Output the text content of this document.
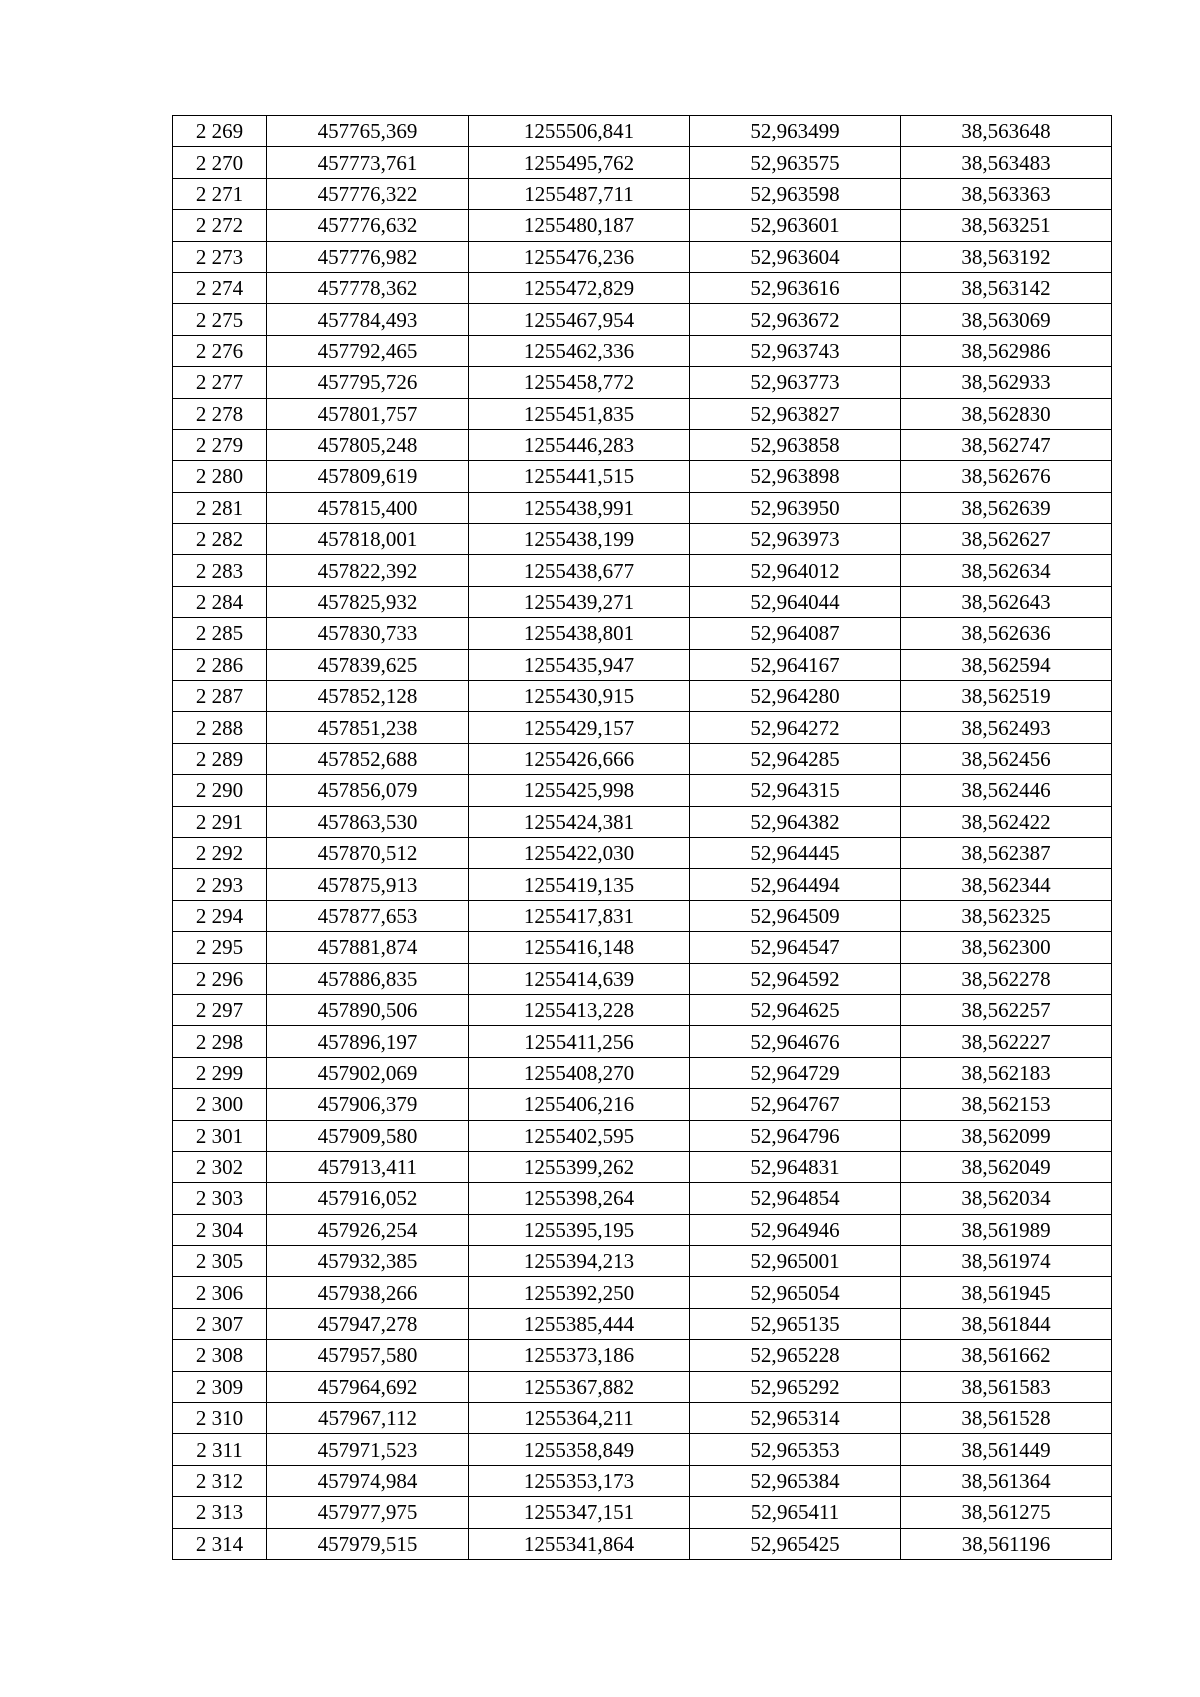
2 269	457765,369	1255506,841	52,963499	38,563648
2 270	457773,761	1255495,762	52,963575	38,563483
2 271	457776,322	1255487,711	52,963598	38,563363
2 272	457776,632	1255480,187	52,963601	38,563251
2 273	457776,982	1255476,236	52,963604	38,563192
2 274	457778,362	1255472,829	52,963616	38,563142
2 275	457784,493	1255467,954	52,963672	38,563069
2 276	457792,465	1255462,336	52,963743	38,562986
2 277	457795,726	1255458,772	52,963773	38,562933
2 278	457801,757	1255451,835	52,963827	38,562830
2 279	457805,248	1255446,283	52,963858	38,562747
2 280	457809,619	1255441,515	52,963898	38,562676
2 281	457815,400	1255438,991	52,963950	38,562639
2 282	457818,001	1255438,199	52,963973	38,562627
2 283	457822,392	1255438,677	52,964012	38,562634
2 284	457825,932	1255439,271	52,964044	38,562643
2 285	457830,733	1255438,801	52,964087	38,562636
2 286	457839,625	1255435,947	52,964167	38,562594
2 287	457852,128	1255430,915	52,964280	38,562519
2 288	457851,238	1255429,157	52,964272	38,562493
2 289	457852,688	1255426,666	52,964285	38,562456
2 290	457856,079	1255425,998	52,964315	38,562446
2 291	457863,530	1255424,381	52,964382	38,562422
2 292	457870,512	1255422,030	52,964445	38,562387
2 293	457875,913	1255419,135	52,964494	38,562344
2 294	457877,653	1255417,831	52,964509	38,562325
2 295	457881,874	1255416,148	52,964547	38,562300
2 296	457886,835	1255414,639	52,964592	38,562278
2 297	457890,506	1255413,228	52,964625	38,562257
2 298	457896,197	1255411,256	52,964676	38,562227
2 299	457902,069	1255408,270	52,964729	38,562183
2 300	457906,379	1255406,216	52,964767	38,562153
2 301	457909,580	1255402,595	52,964796	38,562099
2 302	457913,411	1255399,262	52,964831	38,562049
2 303	457916,052	1255398,264	52,964854	38,562034
2 304	457926,254	1255395,195	52,964946	38,561989
2 305	457932,385	1255394,213	52,965001	38,561974
2 306	457938,266	1255392,250	52,965054	38,561945
2 307	457947,278	1255385,444	52,965135	38,561844
2 308	457957,580	1255373,186	52,965228	38,561662
2 309	457964,692	1255367,882	52,965292	38,561583
2 310	457967,112	1255364,211	52,965314	38,561528
2 311	457971,523	1255358,849	52,965353	38,561449
2 312	457974,984	1255353,173	52,965384	38,561364
2 313	457977,975	1255347,151	52,965411	38,561275
2 314	457979,515	1255341,864	52,965425	38,561196
